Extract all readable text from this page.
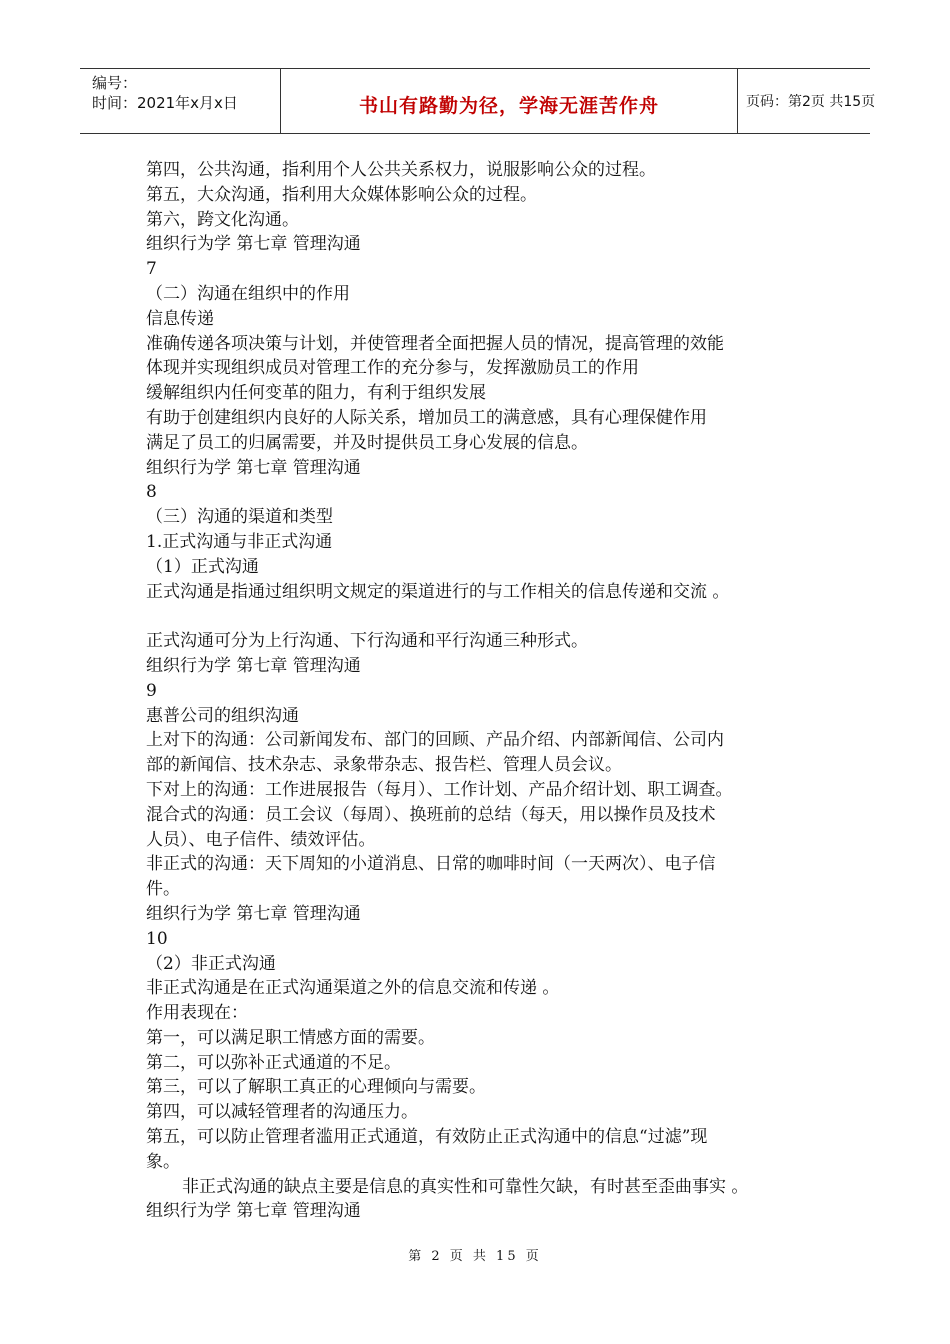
编号：
时间：2021年x月x日	书山有路勤为径，学海无涯苦作舟	页码：第2页 共15页
第四，公共沟通，指利用个人公共关系权力，说服影响公众的过程。
第五，大众沟通，指利用大众媒体影响公众的过程。
第六，跨文化沟通。
组织行为学 第七章 管理沟通
7
（二）沟通在组织中的作用
信息传递
准确传递各项决策与计划，并使管理者全面把握人员的情况，提高管理的效能
体现并实现组织成员对管理工作的充分参与，发挥激励员工的作用
缓解组织内任何变革的阻力，有利于组织发展
有助于创建组织内良好的人际关系，增加员工的满意感，具有心理保健作用
满足了员工的归属需要，并及时提供员工身心发展的信息。
组织行为学 第七章 管理沟通
8
（三）沟通的渠道和类型
1.正式沟通与非正式沟通
（1）正式沟通
正式沟通是指通过组织明文规定的渠道进行的与工作相关的信息传递和交流 。
正式沟通可分为上行沟通、下行沟通和平行沟通三种形式。
组织行为学 第七章 管理沟通
9
惠普公司的组织沟通
上对下的沟通：公司新闻发布、部门的回顾、产品介绍、内部新闻信、公司内
部的新闻信、技术杂志、录象带杂志、报告栏、管理人员会议。
下对上的沟通：工作进展报告（每月）、工作计划、产品介绍计划、职工调查。
混合式的沟通：员工会议（每周）、换班前的总结（每天，用以操作员及技术
人员）、电子信件、绩效评估。
非正式的沟通：天下周知的小道消息、日常的咖啡时间（一天两次）、电子信
件。
组织行为学 第七章 管理沟通
10
（2）非正式沟通
非正式沟通是在正式沟通渠道之外的信息交流和传递 。
作用表现在：
第一，可以满足职工情感方面的需要。
第二，可以弥补正式通道的不足。
第三，可以了解职工真正的心理倾向与需要。
第四，可以减轻管理者的沟通压力。
第五，可以防止管理者滥用正式通道，有效防止正式沟通中的信息“过滤”现
象。
非正式沟通的缺点主要是信息的真实性和可靠性欠缺，有时甚至歪曲事实 。
组织行为学 第七章 管理沟通
第 2 页 共 15 页
